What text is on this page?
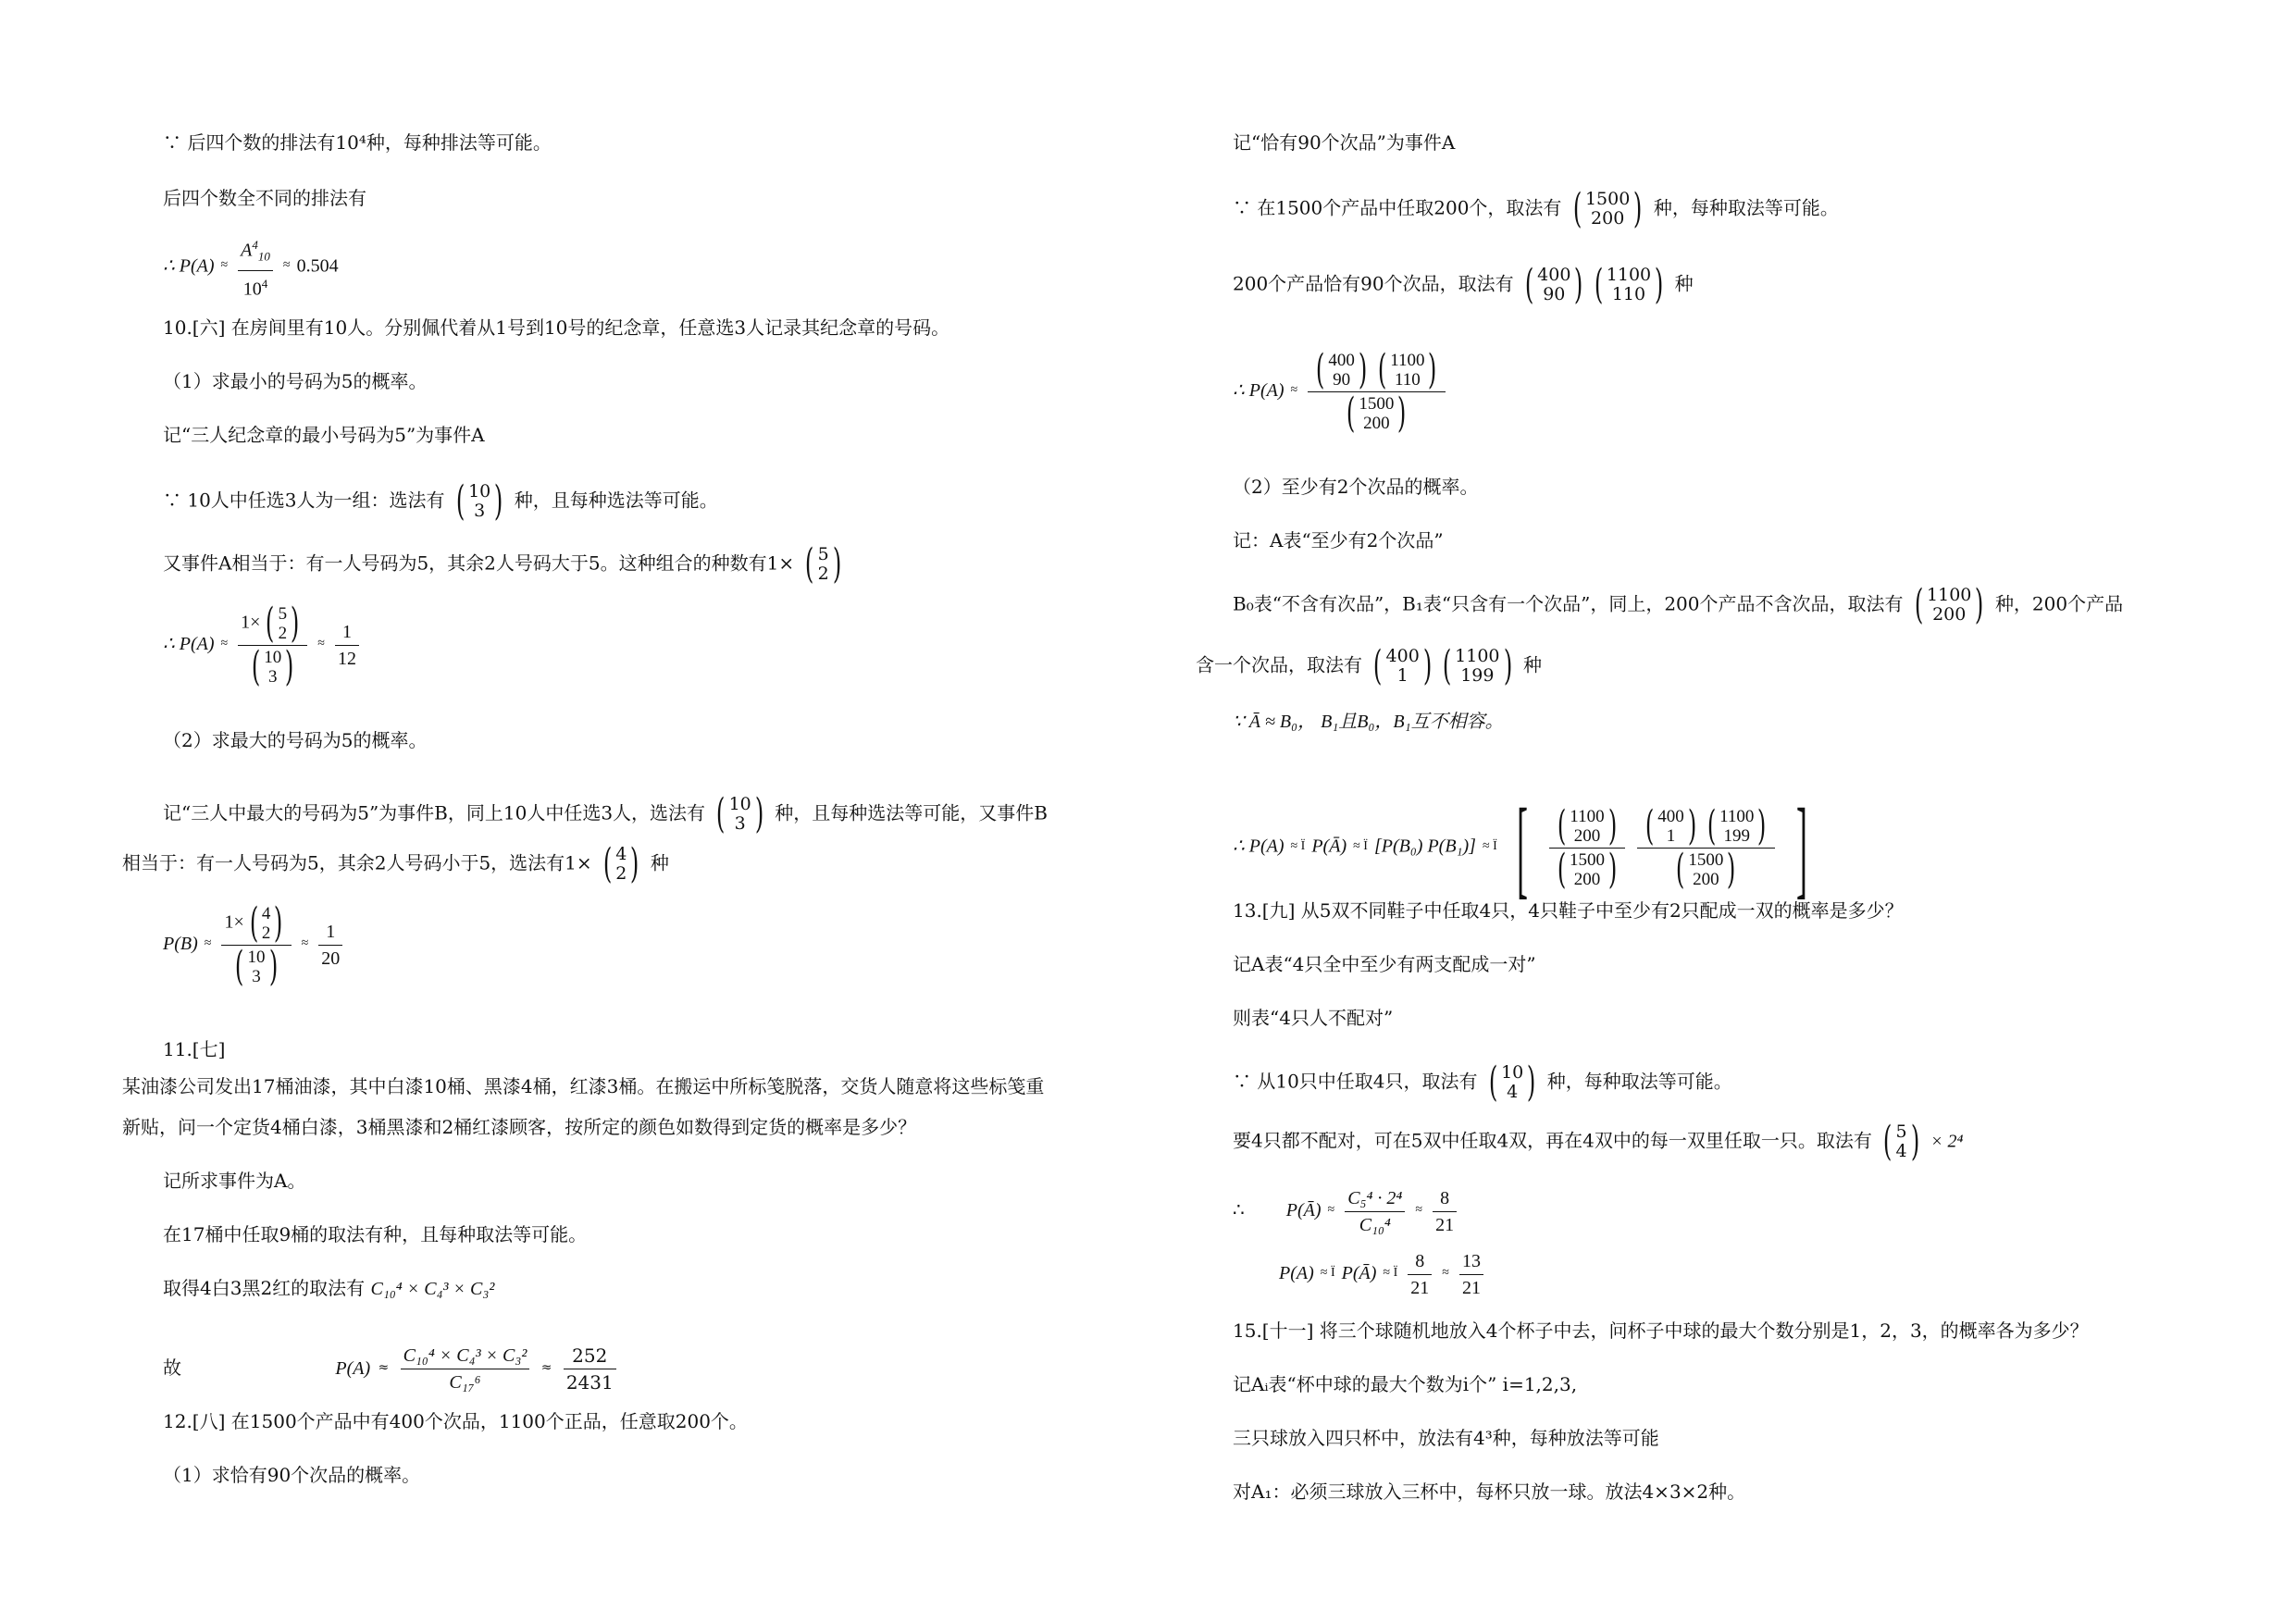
∵ 后四个数的排法有10⁴种，每种排法等可能。
后四个数全不同的排法有
∴ $P(A) \approx \frac{A^4_{10}}{10^4} \approx 0.504$
10.[六] 在房间里有10人。分别佩代着从1号到10号的纪念章，任意选3人记录其纪念章的号码。
（1）求最小的号码为5的概率。
记“三人纪念章的最小号码为5”为事件A
∵ 10人中任选3人为一组：选法有 ( 10
3 ) 种，且每种选法等可能。
又事件A相当于：有一人号码为5，其余2人号码大于5。这种组合的种数有1× ( 5
2 )
∴ P(A) ≈ 1× ( 5
2 )
( 10
3 ) ≈ $\frac{1}{12}$
（2）求最大的号码为5的概率。
记“三人中最大的号码为5”为事件B，同上10人中任选3人，选法有 ( 10
3 ) 种，且每种选法等可能，又事件B
相当于：有一人号码为5，其余2人号码小于5，选法有1× ( 4
2 ) 种
P(B) ≈ 1× ( 4
2 )
( 10
3 ) ≈ $\frac{1}{20}$
11.[七]
某油漆公司发出17桶油漆，其中白漆10桶、黑漆4桶，红漆3桶。在搬运中所标笺脱落，交货人随意将这些标笺重
新贴，问一个定货4桶白漆，3桶黑漆和2桶红漆顾客，按所定的颜色如数得到定货的概率是多少？
记所求事件为A。
在17桶中任取9桶的取法有种，且每种取法等可能。
取得4白3黑2红的取法有 C₁₀⁴ × C₄³ × C₃²
故	$P(A) \approx \frac{\text{C₁₀⁴ × C₄³ × C₃²}}{\text{C₁₇⁶}} \approx \frac{252}{2431}$
12.[八] 在1500个产品中有400个次品，1100个正品，任意取200个。
（1）求恰有90个次品的概率。
记“恰有90个次品”为事件A
∵ 在1500个产品中任取200个，取法有 ( 1500
200 ) 种，每种取法等可能。
200个产品恰有90个次品，取法有 ( 400
90 ) ( 1100
110 ) 种
∴ P(A) ≈ ( 400
90 ) ( 1100
110 )
( 1500
200 )
（2）至少有2个次品的概率。
记：A表“至少有2个次品”
B₀表“不含有次品”，B₁表“只含有一个次品”，同上，200个产品不含次品，取法有 ( 1100
200 ) 种，200个产品
含一个次品，取法有 ( 400
1 ) ( 1100
199 ) 种
∵ Ā ≈ B₀， B₁且B₀，B₁互不相容。
∴ P(A) ≈ Ï P(Ā) ≈ Ï [P(B₀) P(B₁)] ≈ Ï [ ( 1100
200 )
( 1500
200 )
( 400
1 ) ( 1100
199 )
( 1500
200 ) ]
13.[九] 从5双不同鞋子中任取4只，4只鞋子中至少有2只配成一双的概率是多少？
记A表“4只全中至少有两支配成一对”
则表“4只人不配对”
∵ 从10只中任取4只，取法有 ( 10
4 ) 种，每种取法等可能。
要4只都不配对，可在5双中任取4双，再在4双中的每一双里任取一只。取法有 ( 5
4 ) × 2⁴
∴ P(Ā) ≈ $\frac{\text{C₅⁴ · 2⁴}}{\text{C₁₀⁴}} \approx \frac{8}{21}$
P(A) ≈ Ï P(Ā) ≈ Ï $\frac{8}{21} \approx \frac{13}{21}$
15.[十一] 将三个球随机地放入4个杯子中去，问杯子中球的最大个数分别是1，2，3，的概率各为多少？
记Aᵢ表“杯中球的最大个数为i个” i=1,2,3,
三只球放入四只杯中，放法有4³种，每种放法等可能
对A₁：必须三球放入三杯中，每杯只放一球。放法4×3×2种。
